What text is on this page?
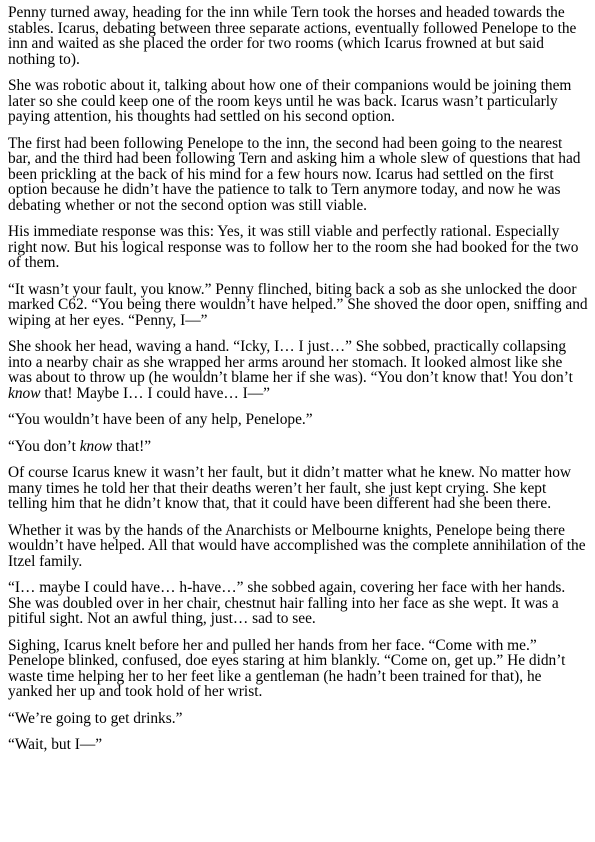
Penny turned away, heading for the inn while Tern took the horses and headed towards the stables. Icarus, debating between three separate actions, eventually followed Penelope to the inn and waited as she placed the order for two rooms (which Icarus frowned at but said nothing to).

She was robotic about it, talking about how one of their companions would be joining them later so she could keep one of the room keys until he was back. Icarus wasn’t particularly paying attention, his thoughts had settled on his second option.

The first had been following Penelope to the inn, the second had been going to the nearest bar, and the third had been following Tern and asking him a whole slew of questions that had been prickling at the back of his mind for a few hours now. Icarus had settled on the first option because he didn’t have the patience to talk to Tern anymore today, and now he was debating whether or not the second option was still viable.

His immediate response was this: Yes, it was still viable and perfectly rational. Especially right now. But his logical response was to follow her to the room she had booked for the two of them.

“It wasn’t your fault, you know.” Penny flinched, biting back a sob as she unlocked the door marked C62. “You being there wouldn’t have helped.” She shoved the door open, sniffing and wiping at her eyes. “Penny, I—”

She shook her head, waving a hand. “Icky, I… I just…” She sobbed, practically collapsing into a nearby chair as she wrapped her arms around her stomach. It looked almost like she was about to throw up (he wouldn’t blame her if she was). “You don’t know that! You don’t know that! Maybe I… I could have… I—”

“You wouldn’t have been of any help, Penelope.”

“You don’t know that!”

Of course Icarus knew it wasn’t her fault, but it didn’t matter what he knew. No matter how many times he told her that their deaths weren’t her fault, she just kept crying. She kept telling him that he didn’t know that, that it could have been different had she been there.

Whether it was by the hands of the Anarchists or Melbourne knights, Penelope being there wouldn’t have helped. All that would have accomplished was the complete annihilation of the Itzel family.

“I… maybe I could have… h-have…” she sobbed again, covering her face with her hands. She was doubled over in her chair, chestnut hair falling into her face as she wept. It was a pitiful sight. Not an awful thing, just… sad to see.

Sighing, Icarus knelt before her and pulled her hands from her face. “Come with me.” Penelope blinked, confused, doe eyes staring at him blankly. “Come on, get up.” He didn’t waste time helping her to her feet like a gentleman (he hadn’t been trained for that), he yanked her up and took hold of her wrist.

“We’re going to get drinks.”

“Wait, but I—”
